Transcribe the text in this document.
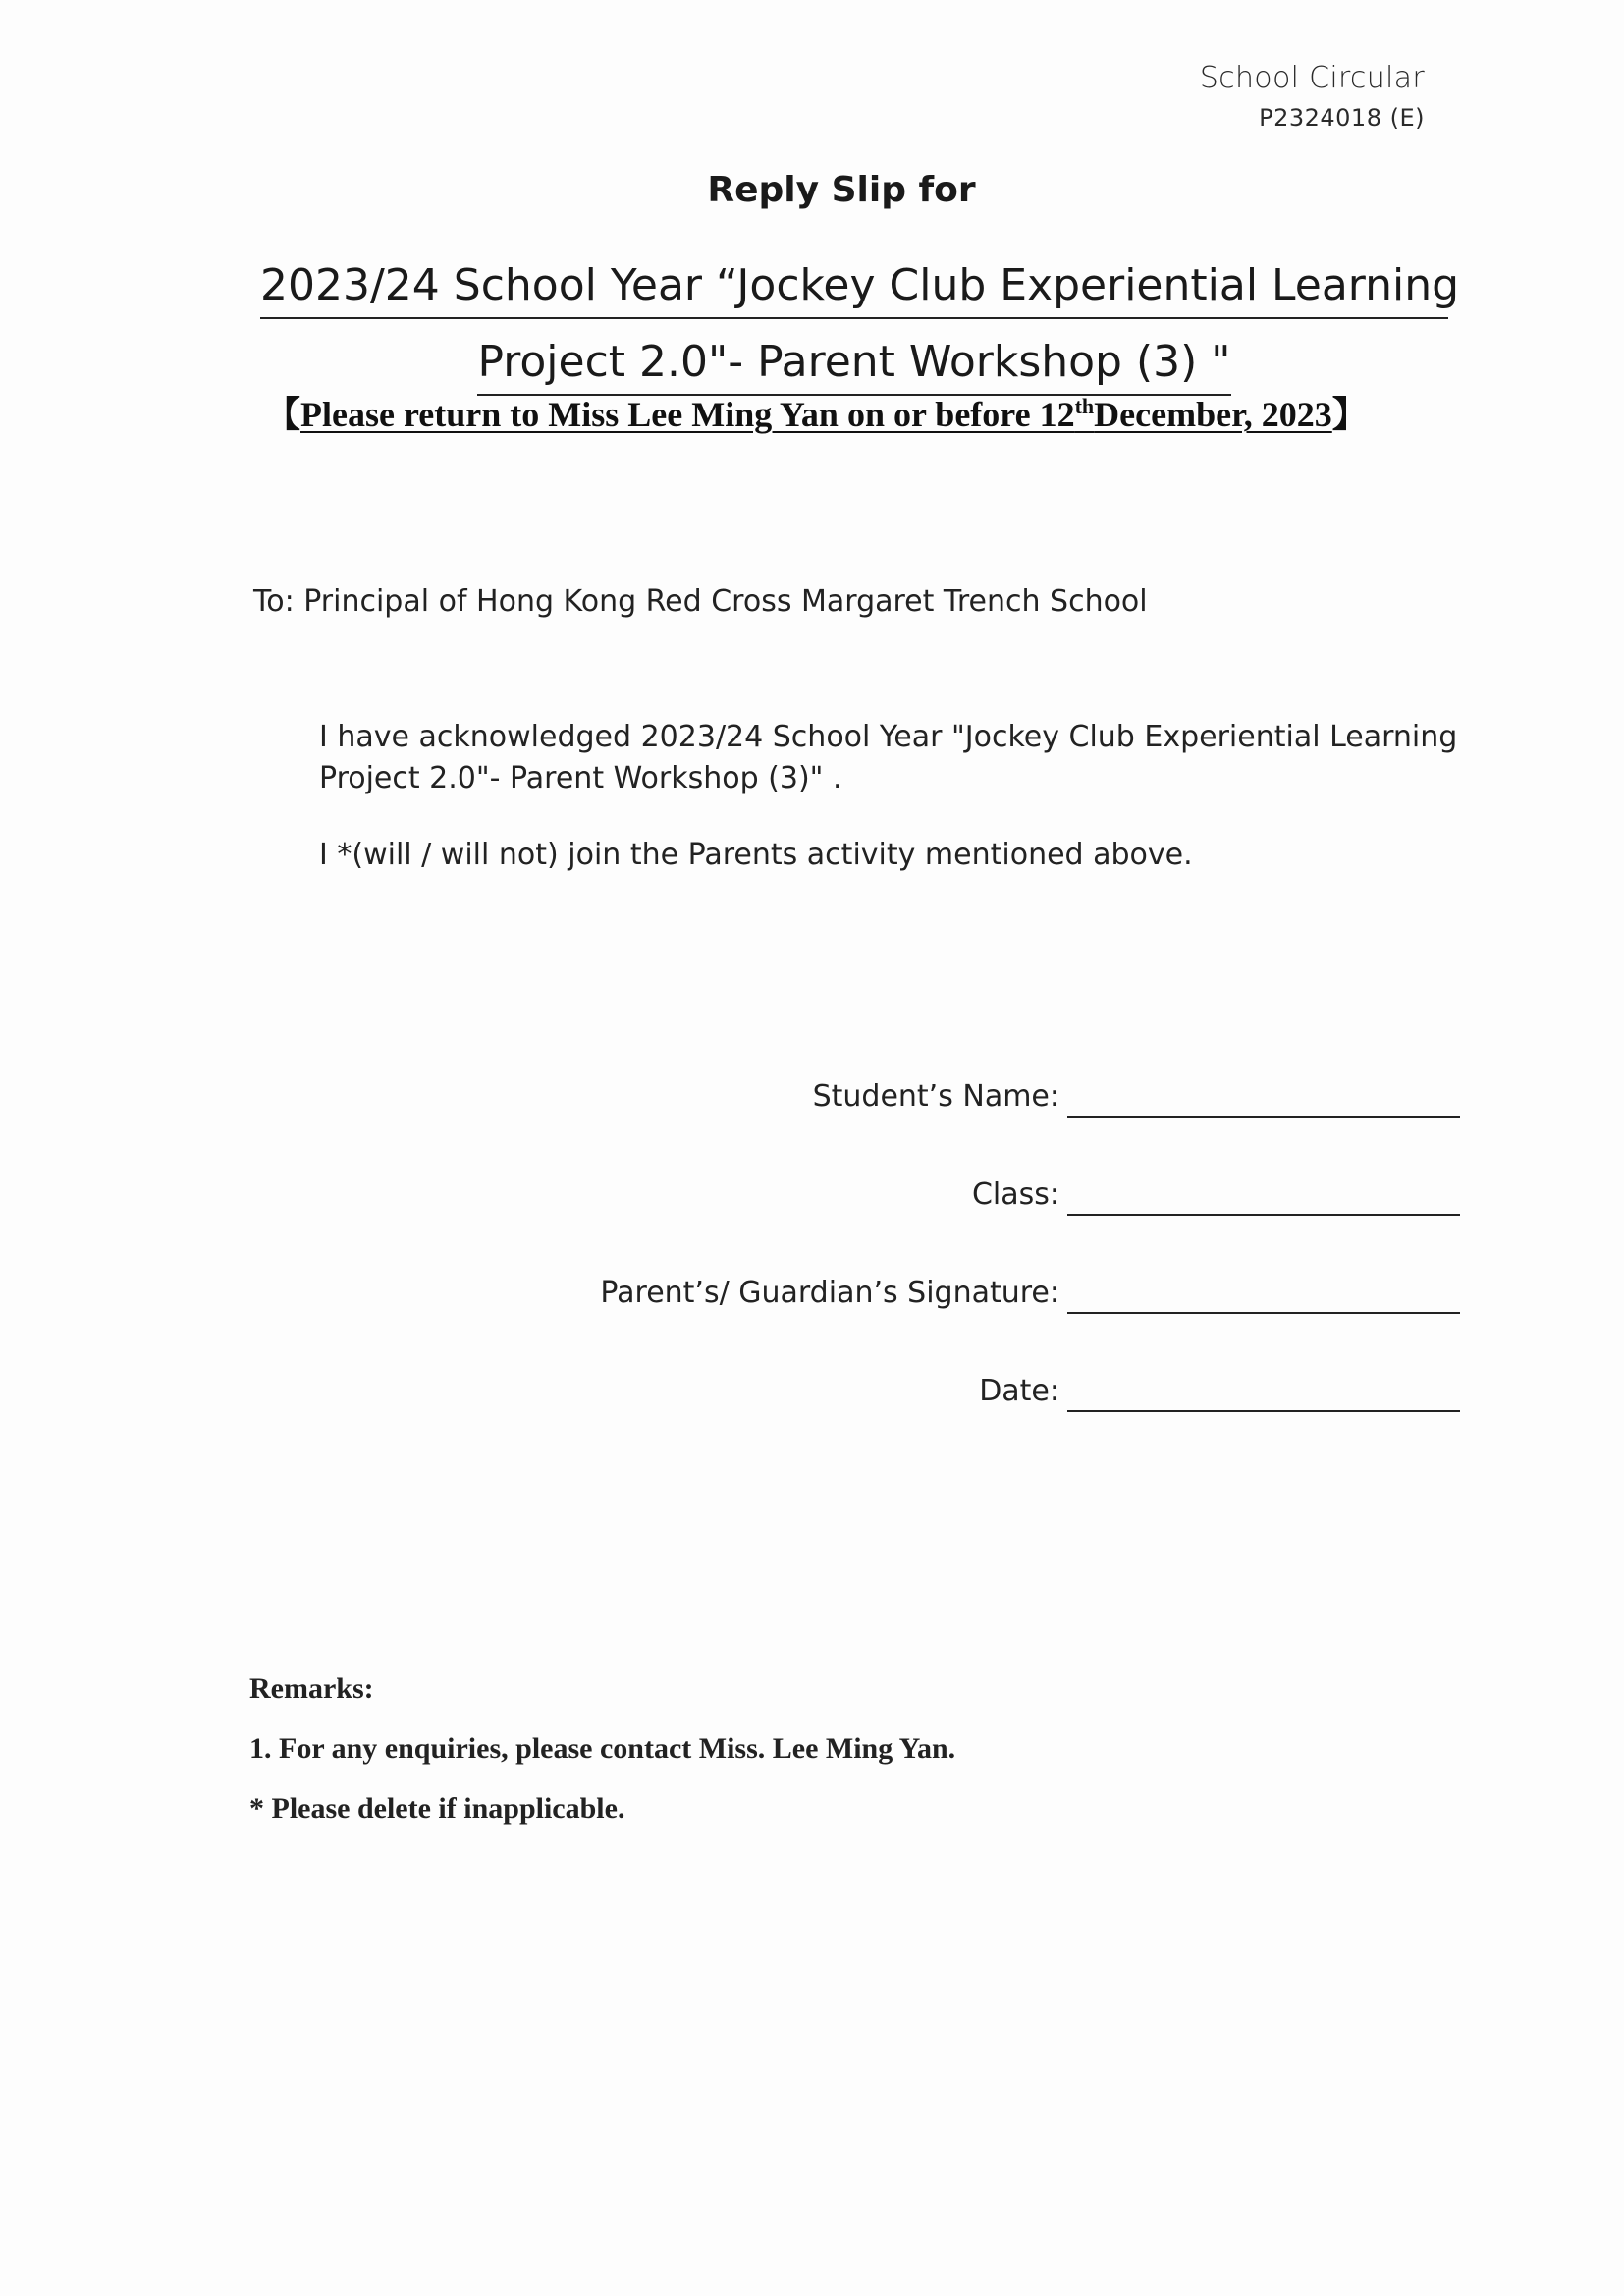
School Circular
P2324018 (E)
Reply Slip for
2023/24 School Year “Jockey Club Experiential Learning
Project 2.0"- Parent Workshop (3) "
【Please return to Miss Lee Ming Yan on or before 12thDecember, 2023】
To: Principal of Hong Kong Red Cross Margaret Trench School

I have acknowledged 2023/24 School Year "Jockey Club Experiential Learning Project 2.0"- Parent Workshop (3)" .

I *(will / will not) join the Parents activity mentioned above.

Student’s Name:
Class:
Parent’s/ Guardian’s Signature:
Date:
Remarks:
1. For any enquiries, please contact Miss. Lee Ming Yan.
* Please delete if inapplicable.
